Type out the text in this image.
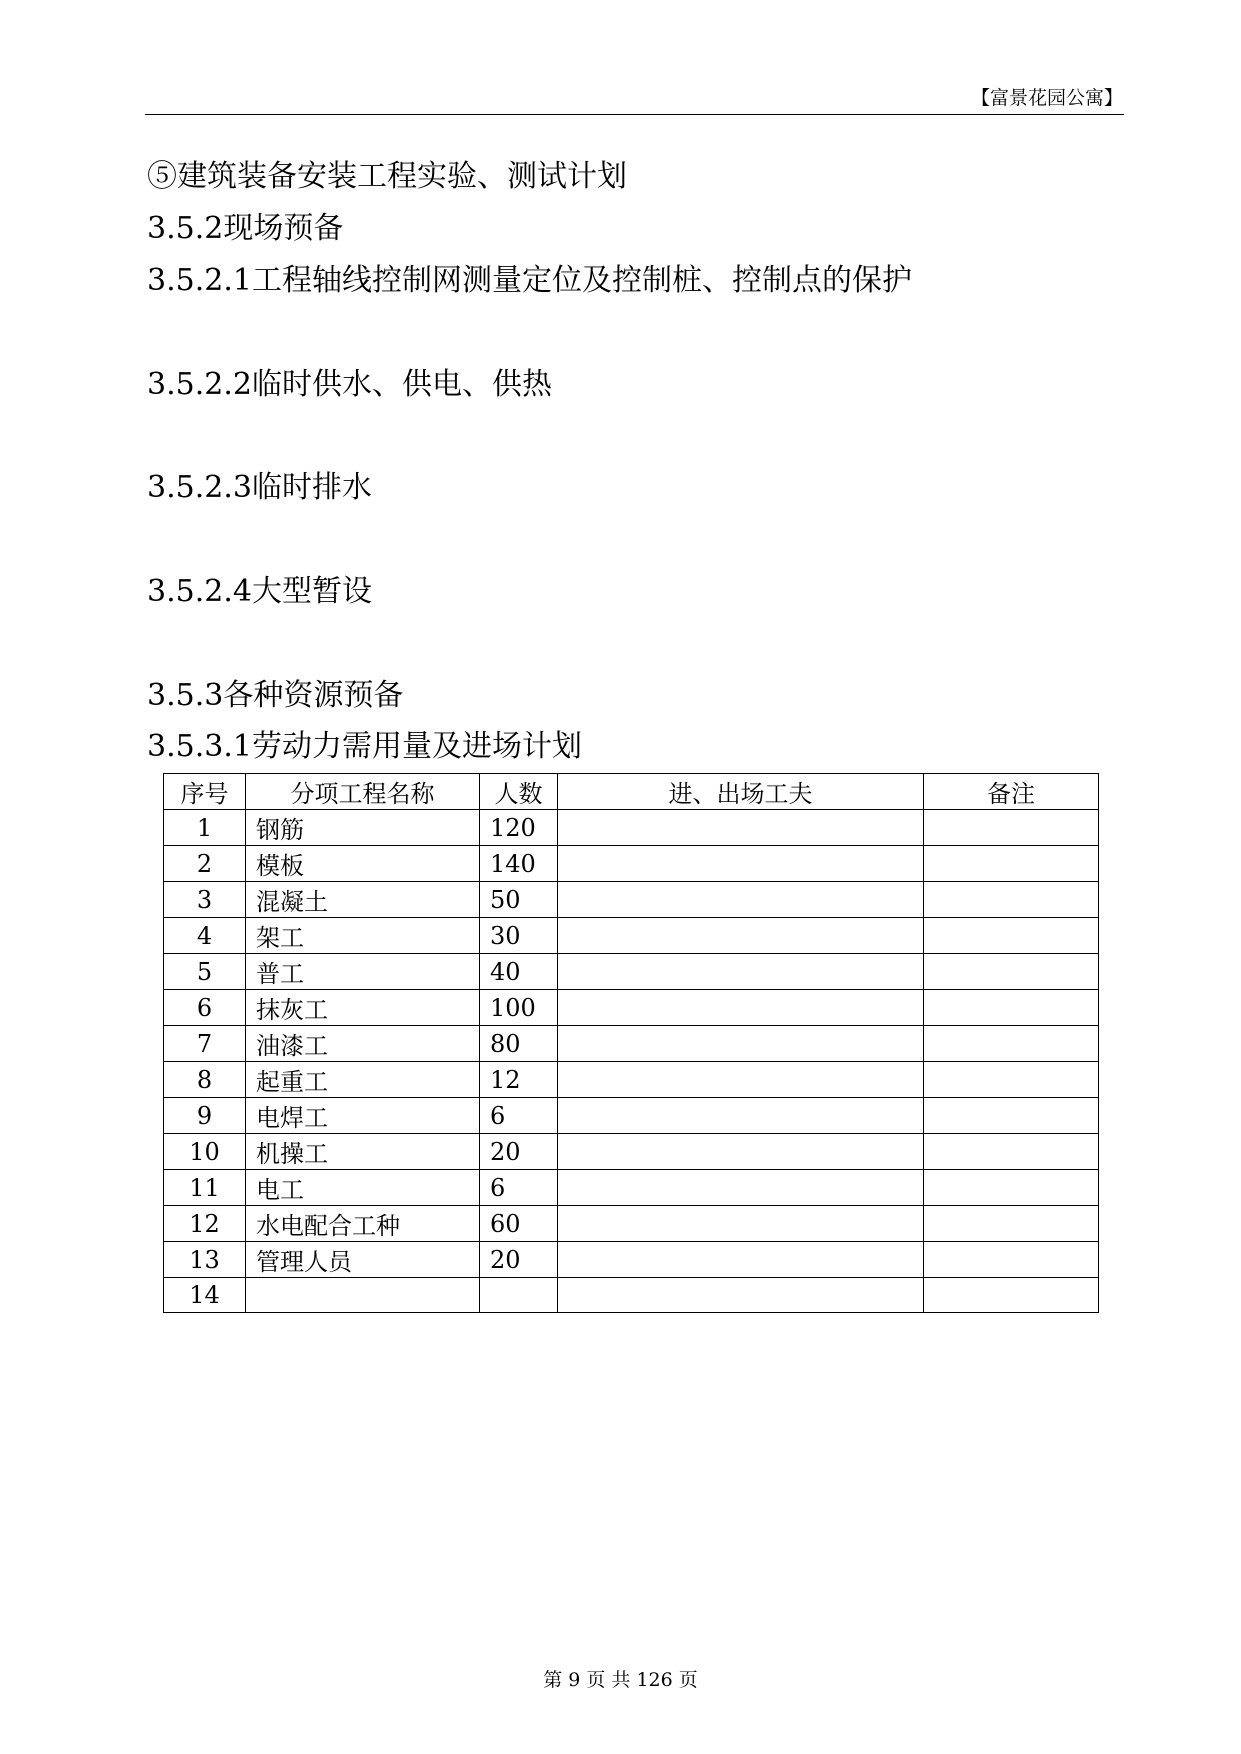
【富景花园公寓】
⑤建筑装备安装工程实验、测试计划
3.5.2现场预备
3.5.2.1工程轴线控制网测量定位及控制桩、控制点的保护
3.5.2.2临时供水、供电、供热
3.5.2.3临时排水
3.5.2.4大型暂设
3.5.3各种资源预备
3.5.3.1劳动力需用量及进场计划
序号	分项工程名称	人数	进、出场工夫	备注
1	钢筋	120		
2	模板	140		
3	混凝土	50		
4	架工	30		
5	普工	40		
6	抹灰工	100		
7	油漆工	80		
8	起重工	12		
9	电焊工	6		
10	机操工	20		
11	电工	6		
12	水电配合工种	60		
13	管理人员	20		
14				
第 9 页 共 126 页
